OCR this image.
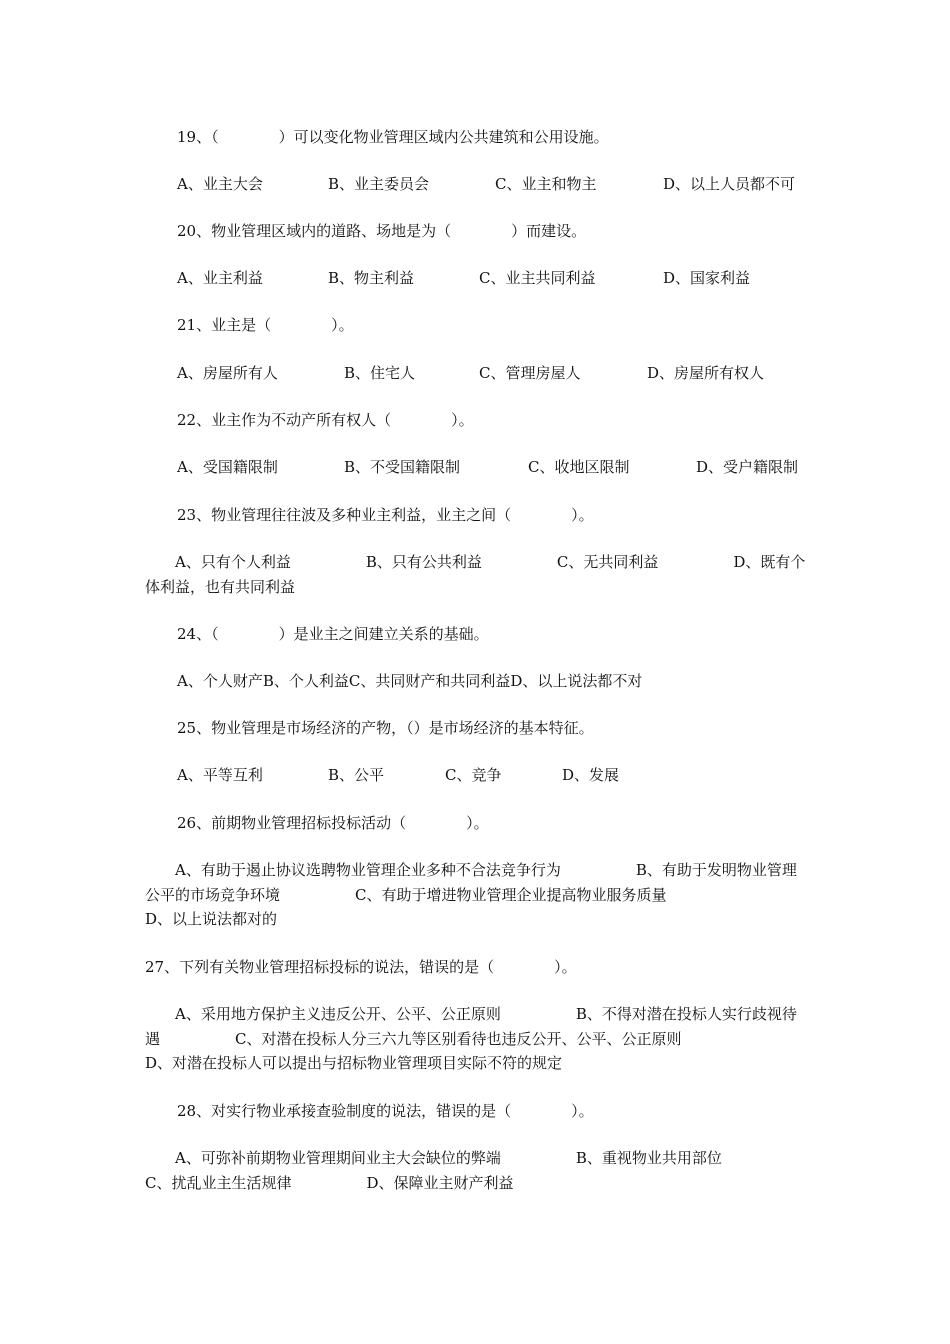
19、（　　　　）可以变化物业管理区域内公共建筑和公用设施。
A、业主大会	B、业主委员会	C、业主和物主	D、以上人员都不可
20、物业管理区域内的道路、场地是为（　　　　）而建设。
A、业主利益	B、物主利益	C、业主共同利益	D、国家利益
21、业主是（　　　　）。
A、房屋所有人	B、住宅人	C、管理房屋人	D、房屋所有权人
22、业主作为不动产所有权人（　　　　）。
A、受国籍限制	B、不受国籍限制	C、收地区限制	D、受户籍限制
23、物业管理往往波及多种业主利益，业主之间（　　　　）。
　　A、只有个人利益　　　　　B、只有公共利益　　　　　C、无共同利益　　　　　D、既有个体利益，也有共同利益
24、（　　　　）是业主之间建立关系的基础。
A、个人财产B、个人利益C、共同财产和共同利益D、以上说法都不对
25、物业管理是市场经济的产物，（）是市场经济的基本特征。
A、平等互利	B、公平	C、竞争	D、发展
26、前期物业管理招标投标活动（　　　　）。
　　A、有助于遏止协议选聘物业管理企业多种不合法竞争行为　　　　　B、有助于发明物业管理公平的市场竞争环境　　　　　C、有助于增进物业管理企业提高物业服务质量
D、以上说法都对的
27、下列有关物业管理招标投标的说法，错误的是（　　　　）。
　　A、采用地方保护主义违反公开、公平、公正原则　　　　　B、不得对潜在投标人实行歧视待遇　　　　　C、对潜在投标人分三六九等区别看待也违反公开、公平、公正原则
D、对潜在投标人可以提出与招标物业管理项目实际不符的规定
28、对实行物业承接查验制度的说法，错误的是（　　　　）。
　　A、可弥补前期物业管理期间业主大会缺位的弊端　　　　　B、重视物业共用部位
C、扰乱业主生活规律　　　　　D、保障业主财产利益
